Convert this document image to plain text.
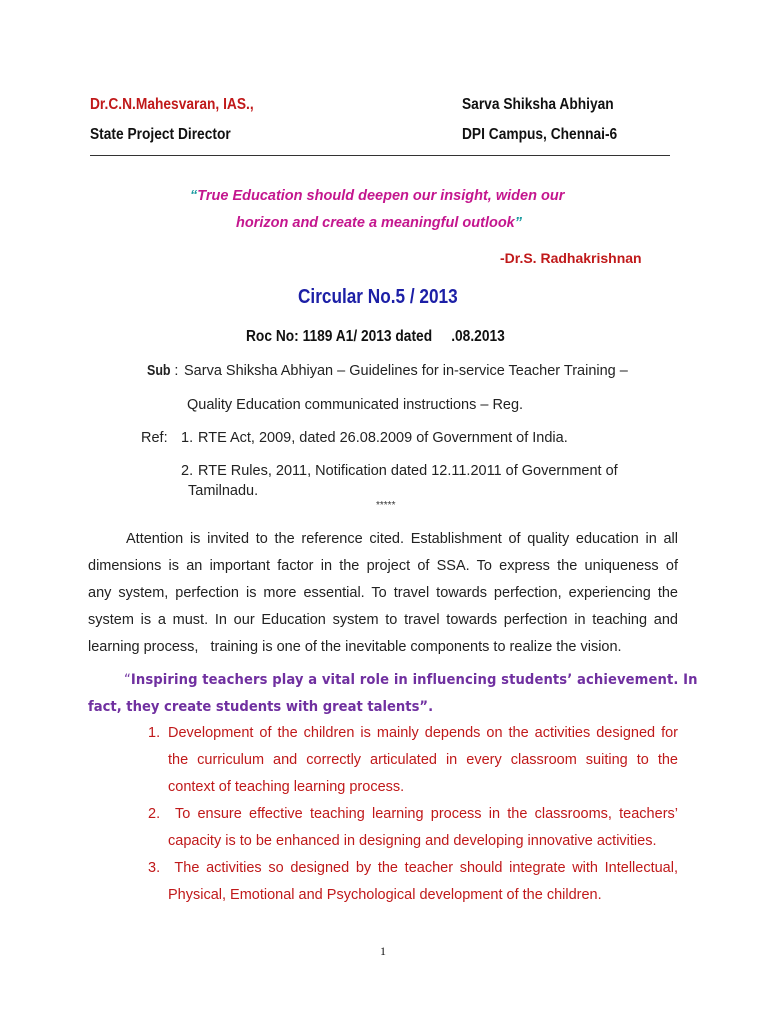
Dr.C.N.Mahesvaran, IAS.,
State Project Director
Sarva Shiksha Abhiyan
DPI Campus, Chennai-6
“True Education should deepen our insight, widen our
horizon and create a meaningful outlook”
-Dr.S. Radhakrishnan
Circular No.5 / 2013
Roc No: 1189 A1/ 2013 dated     .08.2013
Sub : Sarva Shiksha Abhiyan – Guidelines for in-service Teacher Training –
Quality Education communicated instructions – Reg.
Ref: 1. RTE Act, 2009, dated 26.08.2009 of Government of India.
2. RTE Rules, 2011, Notification dated 12.11.2011 of Government of
Tamilnadu.
*****
Attention is invited to the reference cited. Establishment of quality education in all
dimensions is an important factor in the project of SSA. To express the uniqueness of
any system, perfection is more essential. To travel towards perfection, experiencing the
system is a must. In our Education system to travel towards perfection in teaching and
learning process,   training is one of the inevitable components to realize the vision.
“Inspiring teachers play a vital role in influencing students’ achievement. In
fact, they create students with great talents”.
1. Development of the children is mainly depends on the activities designed for
the curriculum and correctly articulated in every classroom suiting to the
context of teaching learning process.
2. To ensure effective teaching learning process in the classrooms, teachers’
capacity is to be enhanced in designing and developing innovative activities.
3. The activities so designed by the teacher should integrate with Intellectual,
Physical, Emotional and Psychological development of the children.
1
